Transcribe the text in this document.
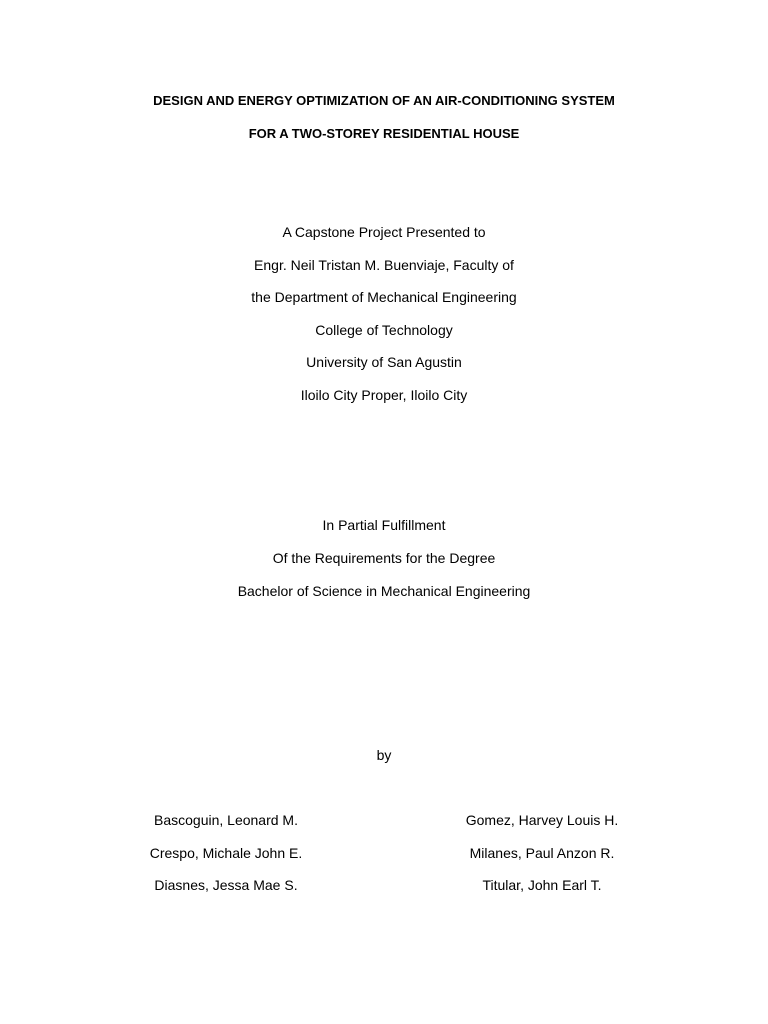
DESIGN AND ENERGY OPTIMIZATION OF AN AIR-CONDITIONING SYSTEM
FOR A TWO-STOREY RESIDENTIAL HOUSE
A Capstone Project Presented to
Engr. Neil Tristan M. Buenviaje, Faculty of
the Department of Mechanical Engineering
College of Technology
University of San Agustin
Iloilo City Proper, Iloilo City
In Partial Fulfillment
Of the Requirements for the Degree
Bachelor of Science in Mechanical Engineering
by
Bascoguin, Leonard M.
Crespo, Michale John E.
Diasnes, Jessa Mae S.
Gomez, Harvey Louis H.
Milanes, Paul Anzon R.
Titular, John Earl T.
